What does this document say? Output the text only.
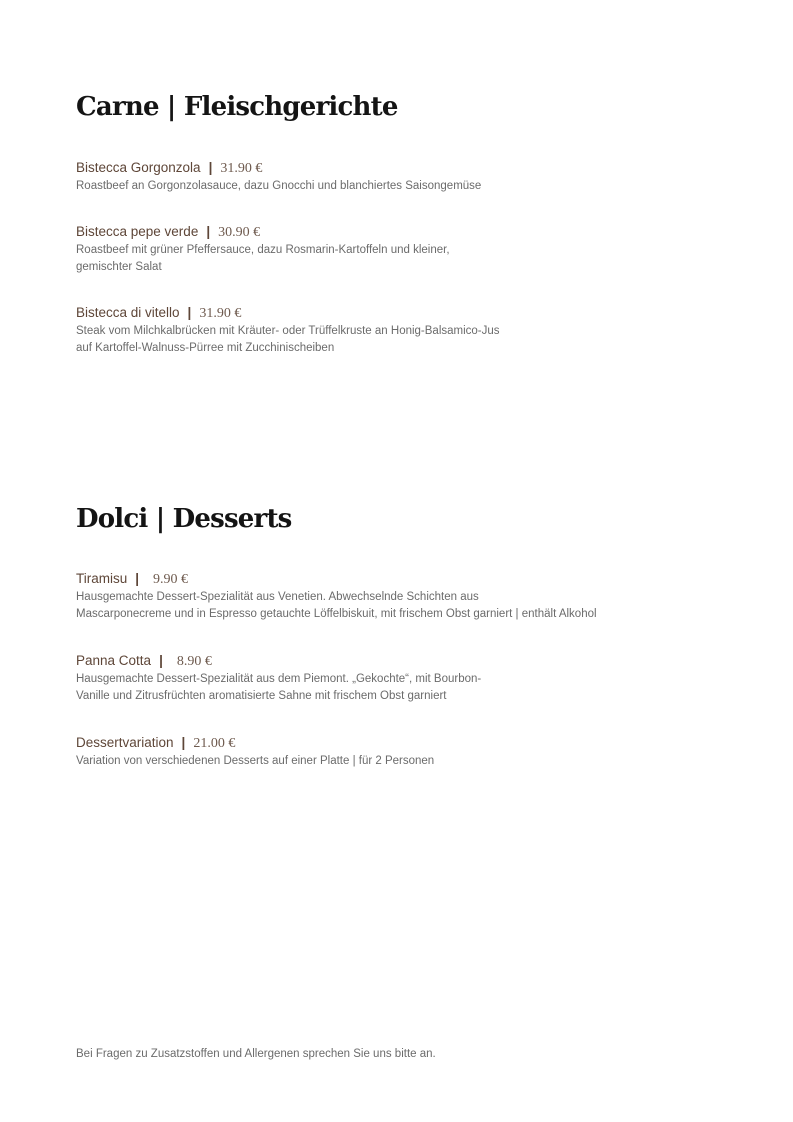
Carne | Fleischgerichte
Bistecca Gorgonzola | 31.90 €
Roastbeef an Gorgonzolasauce, dazu Gnocchi und blanchiertes Saisongemüse
Bistecca pepe verde | 30.90 €
Roastbeef mit grüner Pfeffersauce, dazu Rosmarin-Kartoffeln und kleiner,
gemischter Salat
Bistecca di vitello | 31.90 €
Steak vom Milchkalbrücken mit Kräuter- oder Trüffelkruste an Honig-Balsamico-Jus
auf Kartoffel-Walnuss-Pürree mit Zucchinischeiben
Dolci | Desserts
Tiramisu | 9.90 €
Hausgemachte Dessert-Spezialität aus Venetien. Abwechselnde Schichten aus
Mascarponecreme und in Espresso getauchte Löffelbiskuit, mit frischem Obst garniert | enthält Alkohol
Panna Cotta | 8.90 €
Hausgemachte Dessert-Spezialität aus dem Piemont. „Gekochte“, mit Bourbon-
Vanille und Zitrusfrüchten aromatisierte Sahne mit frischem Obst garniert
Dessertvariation | 21.00 €
Variation von verschiedenen Desserts auf einer Platte | für 2 Personen
Bei Fragen zu Zusatzstoffen und Allergenen sprechen Sie uns bitte an.
